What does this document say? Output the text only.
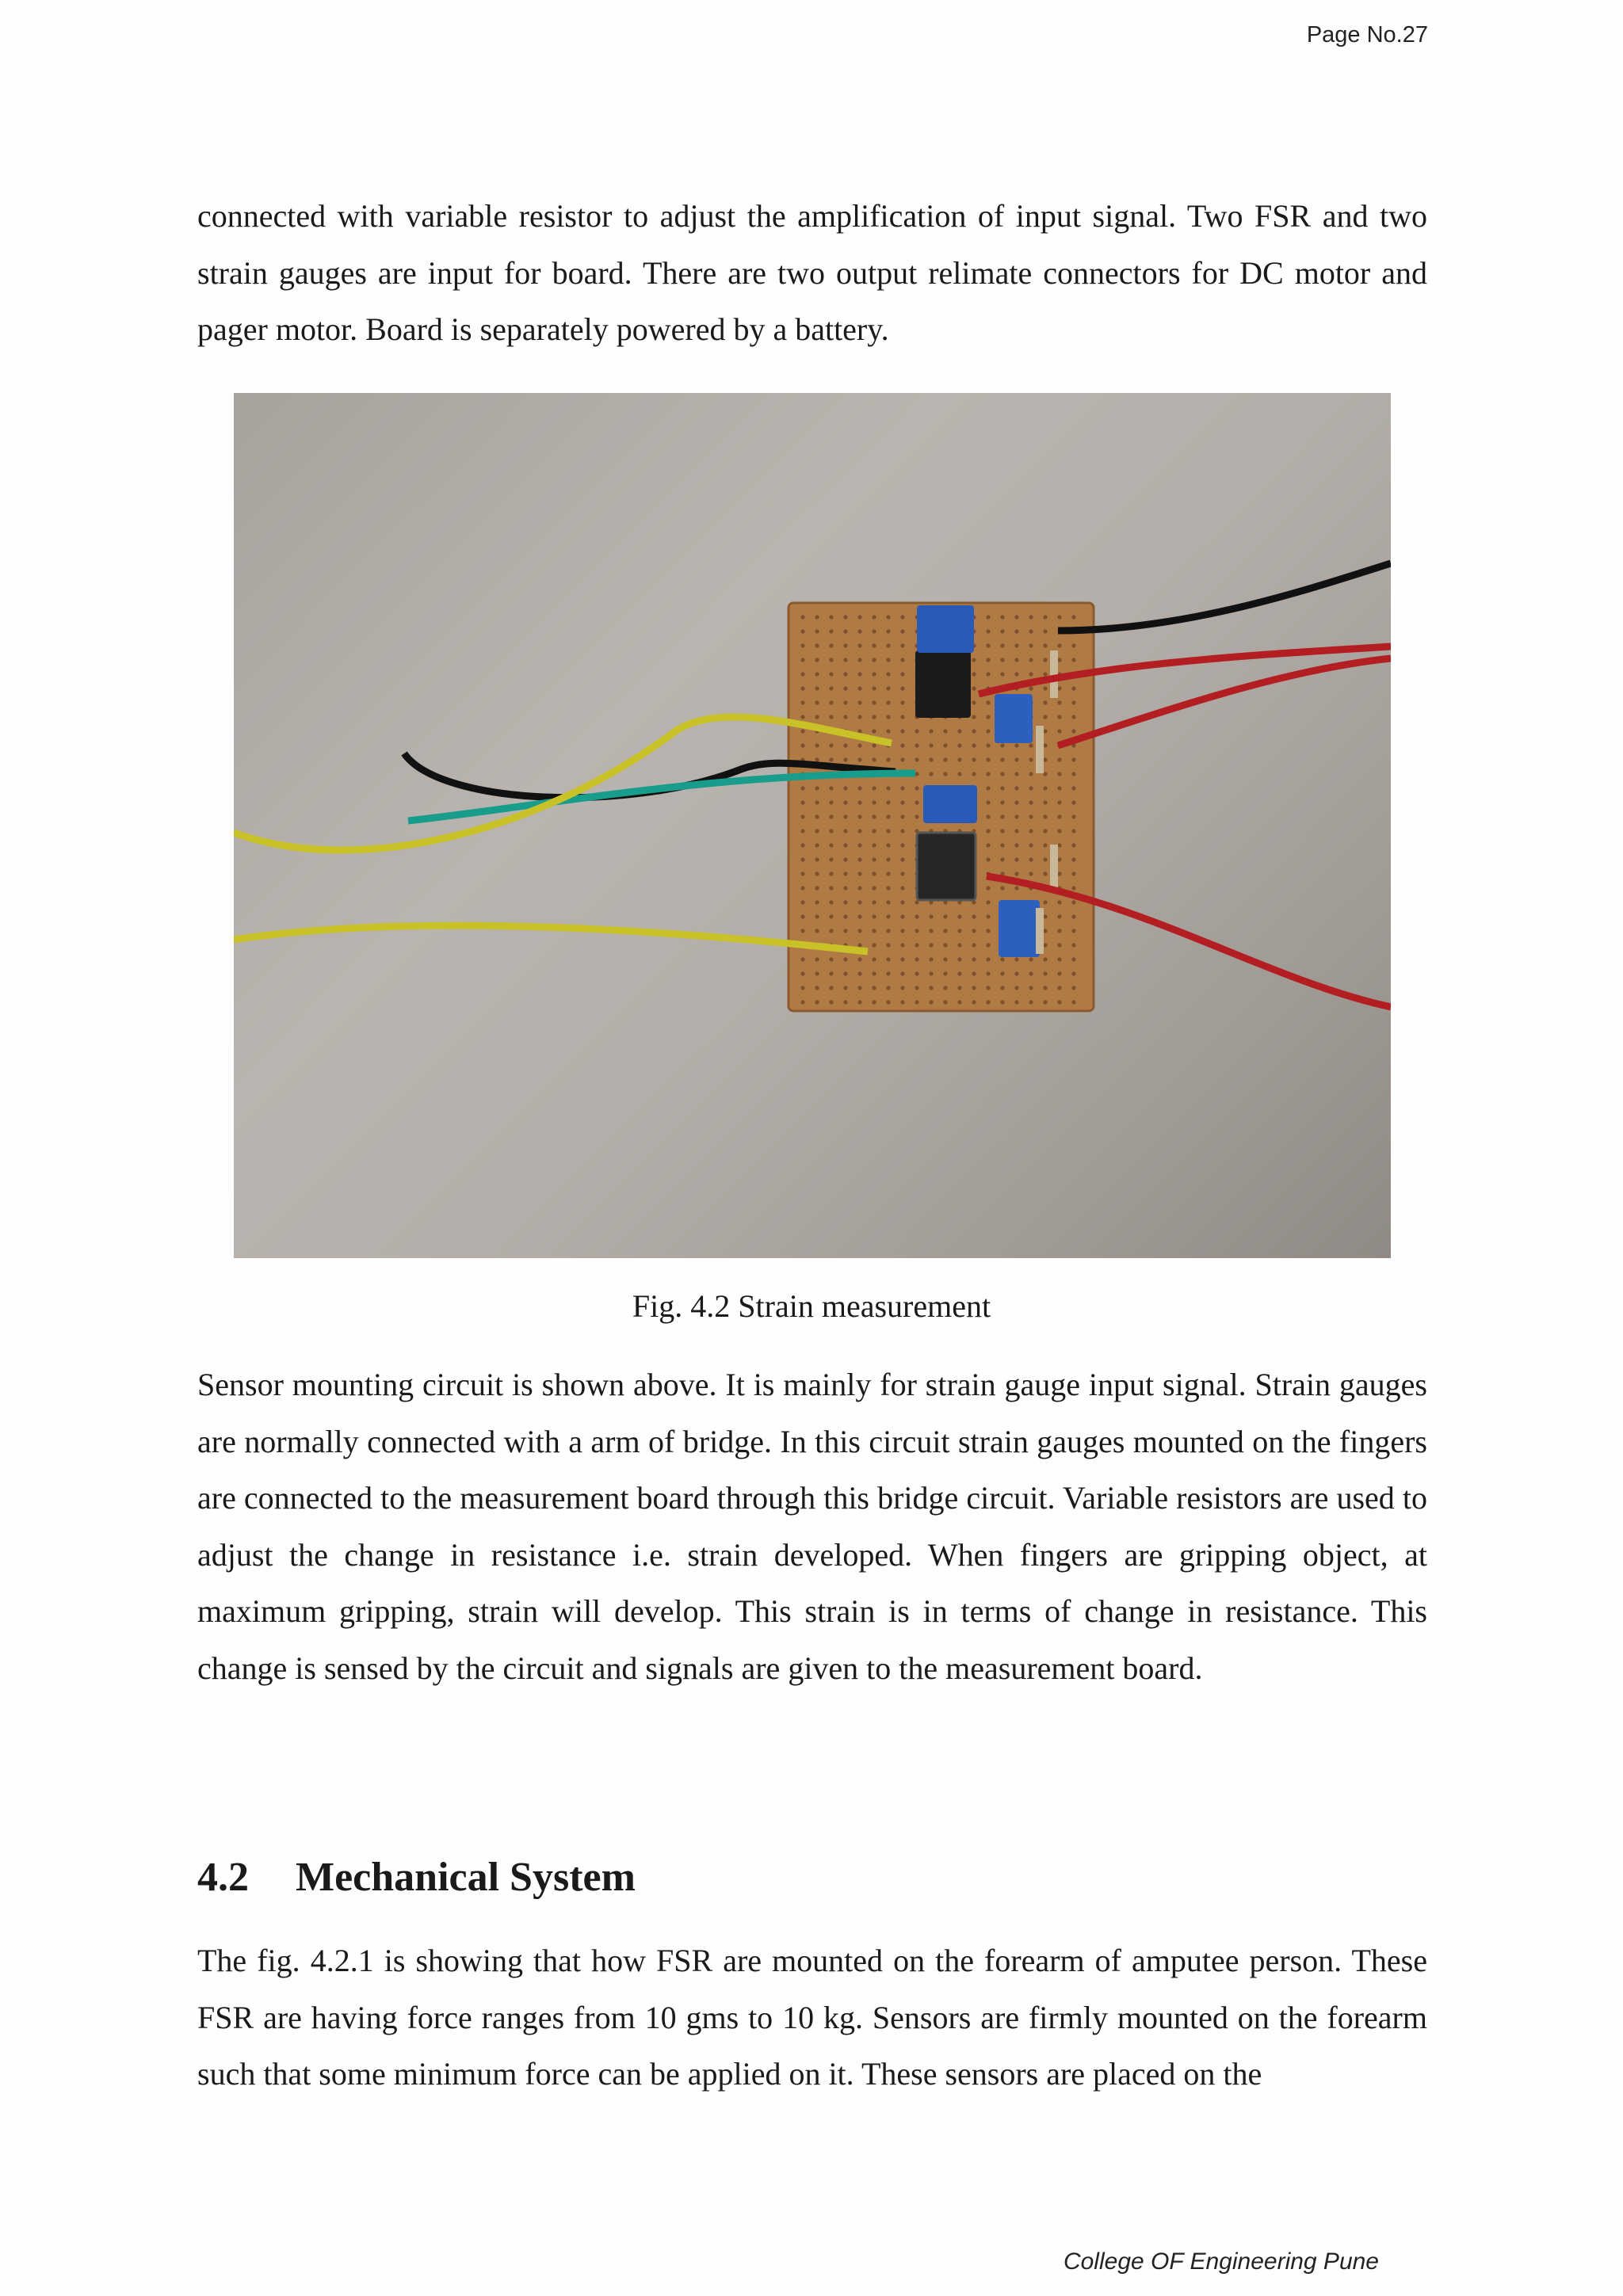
Page No.27

connected with variable resistor to adjust the amplification of input signal. Two FSR and two strain gauges are input for board. There are two output relimate connectors for DC motor and pager motor. Board is separately powered by a battery.

Fig. 4.2 Strain measurement

Sensor mounting circuit is shown above. It is mainly for strain gauge input signal. Strain gauges are normally connected with a arm of bridge. In this circuit strain gauges mounted on the fingers are connected to the measurement board through this bridge circuit. Variable resistors are used to adjust the change in resistance i.e. strain developed. When fingers are gripping object, at maximum gripping, strain will develop. This strain is in terms of change in resistance. This change is sensed by the circuit and signals are given to the measurement board.

4.2 Mechanical System

The fig. 4.2.1 is showing that how FSR are mounted on the forearm of amputee person. These FSR are having force ranges from 10 gms to 10 kg. Sensors are firmly mounted on the forearm such that some minimum force can be applied on it. These sensors are placed on the

College OF Engineering Pune
